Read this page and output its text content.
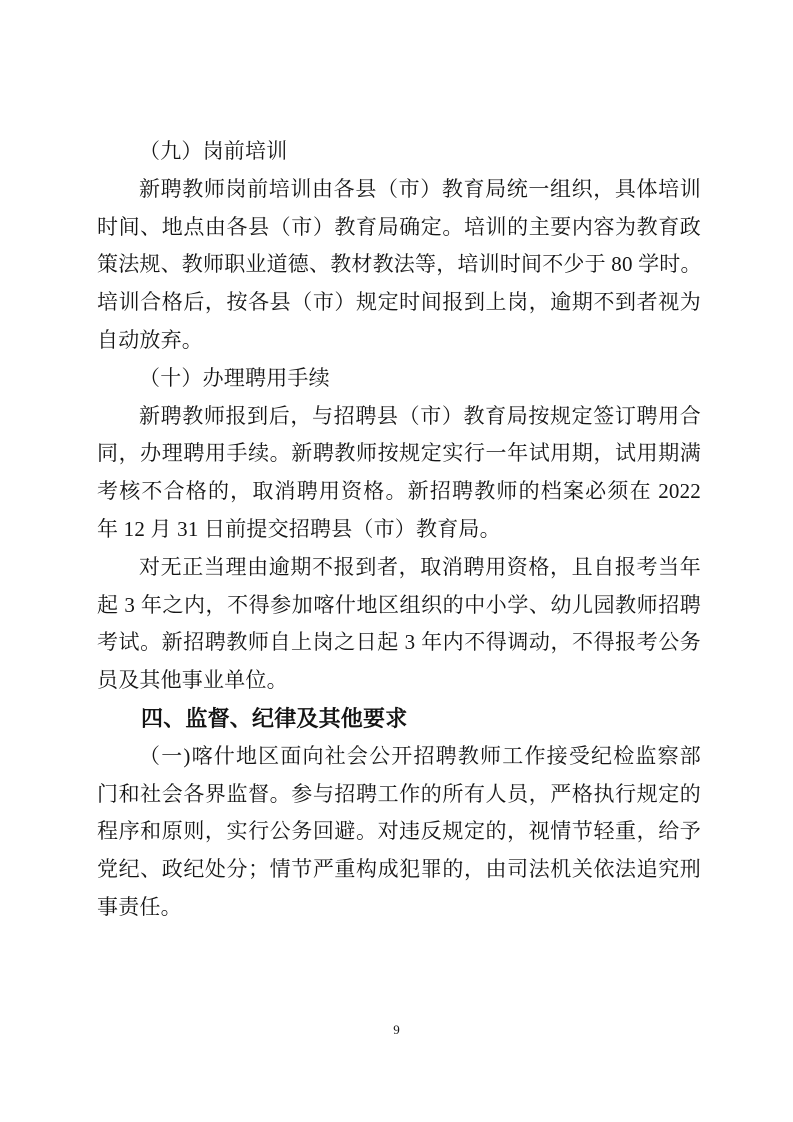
（九）岗前培训
新聘教师岗前培训由各县（市）教育局统一组织，具体培训
时间、地点由各县（市）教育局确定。培训的主要内容为教育政
策法规、教师职业道德、教材教法等，培训时间不少于 80 学时。
培训合格后，按各县（市）规定时间报到上岗，逾期不到者视为
自动放弃。
（十）办理聘用手续
新聘教师报到后，与招聘县（市）教育局按规定签订聘用合
同，办理聘用手续。新聘教师按规定实行一年试用期，试用期满
考核不合格的，取消聘用资格。新招聘教师的档案必须在 2022
年 12 月 31 日前提交招聘县（市）教育局。
对无正当理由逾期不报到者，取消聘用资格，且自报考当年
起 3 年之内，不得参加喀什地区组织的中小学、幼儿园教师招聘
考试。新招聘教师自上岗之日起 3 年内不得调动，不得报考公务
员及其他事业单位。
四、监督、纪律及其他要求
（一)喀什地区面向社会公开招聘教师工作接受纪检监察部
门和社会各界监督。参与招聘工作的所有人员，严格执行规定的
程序和原则，实行公务回避。对违反规定的，视情节轻重，给予
党纪、政纪处分；情节严重构成犯罪的，由司法机关依法追究刑
事责任。
9
